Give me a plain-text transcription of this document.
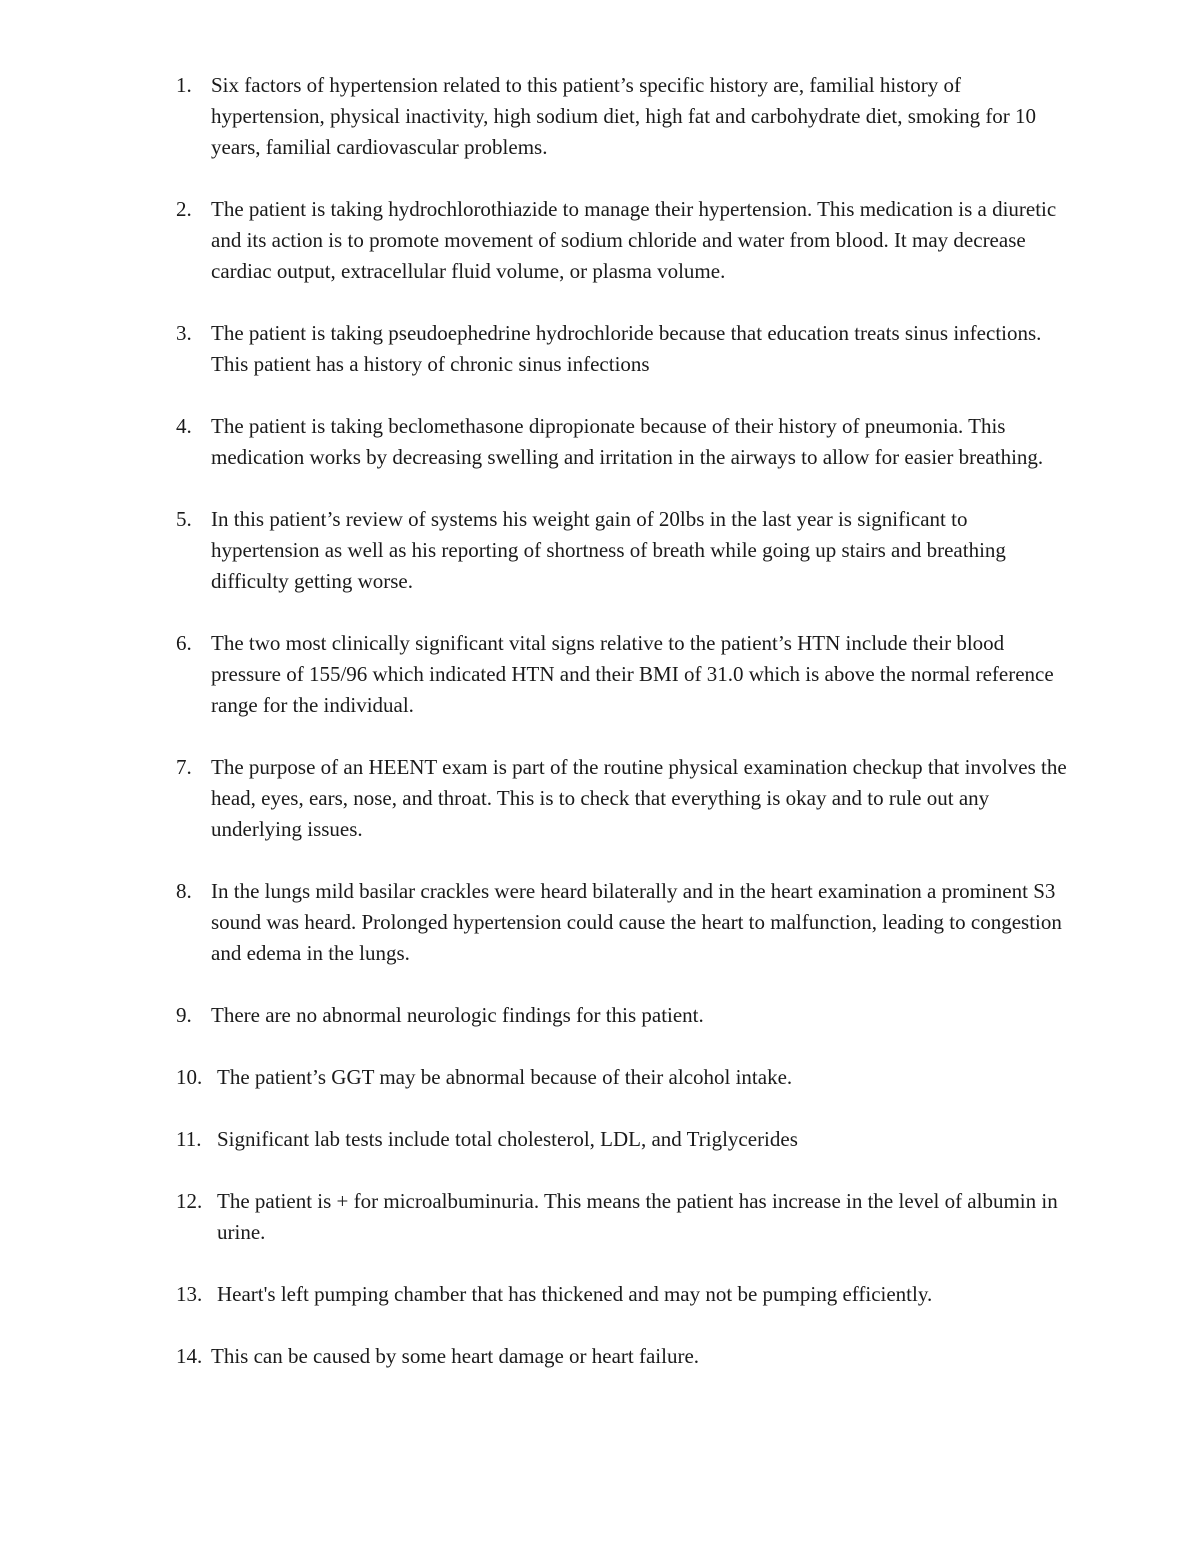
1. Six factors of hypertension related to this patient’s specific history are, familial history of hypertension, physical inactivity, high sodium diet, high fat and carbohydrate diet, smoking for 10 years, familial cardiovascular problems.
2. The patient is taking hydrochlorothiazide to manage their hypertension. This medication is a diuretic and its action is to promote movement of sodium chloride and water from blood. It may decrease cardiac output, extracellular fluid volume, or plasma volume.
3. The patient is taking pseudoephedrine hydrochloride because that education treats sinus infections. This patient has a history of chronic sinus infections
4. The patient is taking beclomethasone dipropionate because of their history of pneumonia. This medication works by decreasing swelling and irritation in the airways to allow for easier breathing.
5. In this patient’s review of systems his weight gain of 20lbs in the last year is significant to hypertension as well as his reporting of shortness of breath while going up stairs and breathing difficulty getting worse.
6. The two most clinically significant vital signs relative to the patient’s HTN include their blood pressure of 155/96 which indicated HTN and their BMI of 31.0 which is above the normal reference range for the individual.
7. The purpose of an HEENT exam is part of the routine physical examination checkup that involves the head, eyes, ears, nose, and throat. This is to check that everything is okay and to rule out any underlying issues.
8. In the lungs mild basilar crackles were heard bilaterally and in the heart examination a prominent S3 sound was heard. Prolonged hypertension could cause the heart to malfunction, leading to congestion and edema in the lungs.
9. There are no abnormal neurologic findings for this patient.
10. The patient’s GGT may be abnormal because of their alcohol intake.
11. Significant lab tests include total cholesterol, LDL, and Triglycerides
12. The patient is + for microalbuminuria. This means the patient has increase in the level of albumin in urine.
13. Heart's left pumping chamber that has thickened and may not be pumping efficiently.
14. This can be caused by some heart damage or heart failure.
